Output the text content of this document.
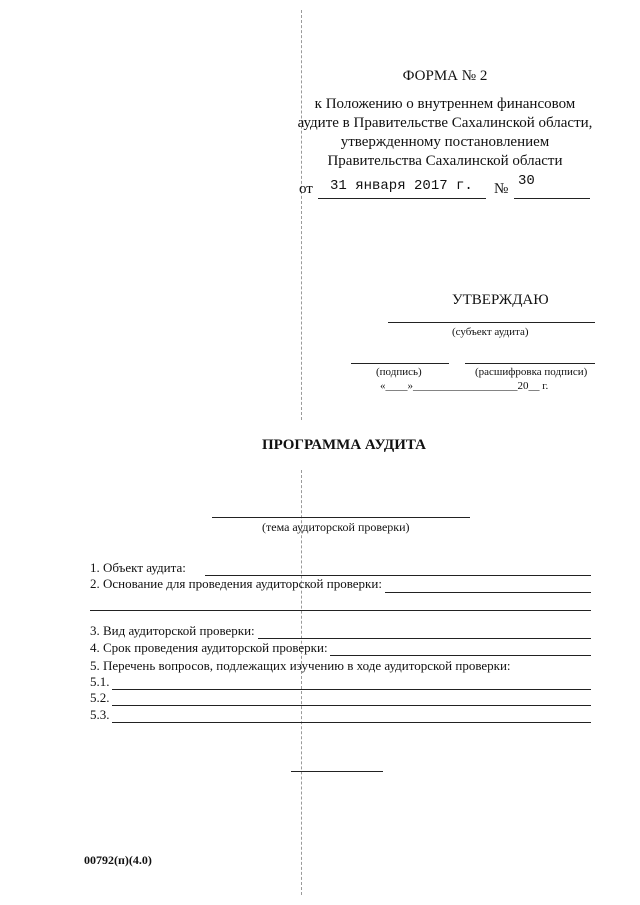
ФОРМА № 2
к Положению о внутреннем финансовом
аудите в Правительстве Сахалинской области,
утвержденному постановлением
Правительства Сахалинской области
от 31 января 2017 г. № 30
УТВЕРЖДАЮ
(субъект аудита)
(подпись)	(расшифровка подписи)
«____»___________________20__ г.
ПРОГРАММА АУДИТА
(тема аудиторской проверки)
1. Объект аудита:
2. Основание для проведения аудиторской проверки:
3. Вид аудиторской проверки:
4. Срок проведения аудиторской проверки:
5. Перечень вопросов, подлежащих изучению в ходе аудиторской проверки:
5.1.
5.2.
5.3.
00792(п)(4.0)
